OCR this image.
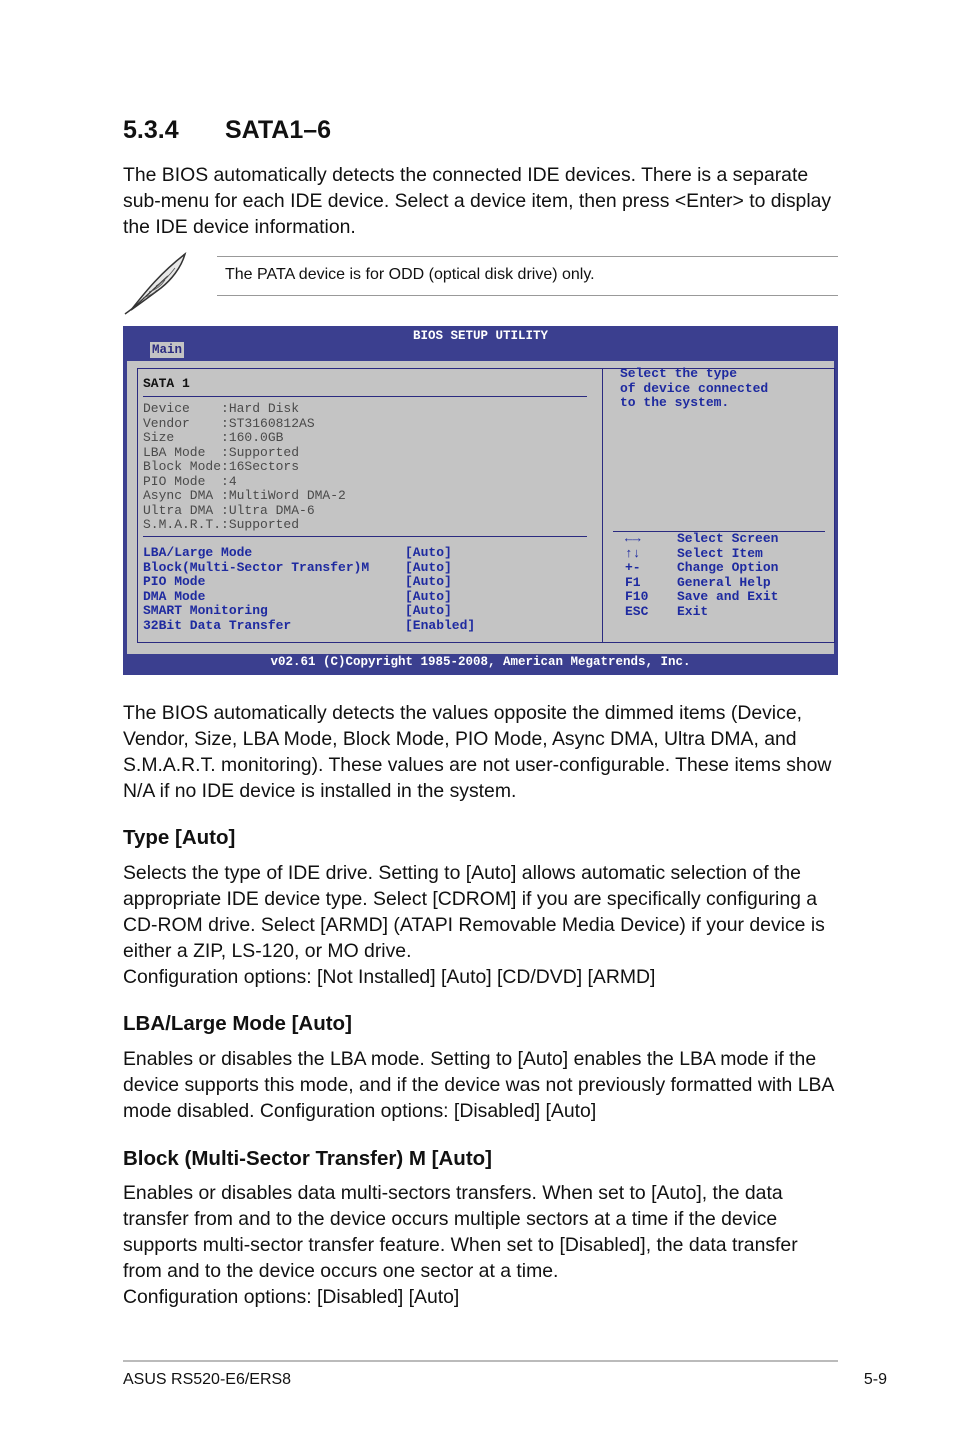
5.3.4 SATA1–6

The BIOS automatically detects the connected IDE devices. There is a separate sub-menu for each IDE device. Select a device item, then press <Enter> to display the IDE device information.

The PATA device is for ODD (optical disk drive) only.
BIOS SETUP UTILITY
Main
SATA 1
Device    :Hard Disk
Vendor    :ST3160812AS
Size      :160.0GB
LBA Mode  :Supported
Block Mode:16Sectors
PIO Mode  :4
Async DMA :MultiWord DMA-2
Ultra DMA :Ultra DMA-6
S.M.A.R.T.:Supported
LBA/Large Mode	[Auto]
Block(Multi-Sector Transfer)M	[Auto]
PIO Mode	[Auto]
DMA Mode	[Auto]
SMART Monitoring	[Auto]
32Bit Data Transfer	[Enabled]
Select the type
of device connected
to the system.
←→	Select Screen
↑↓	Select Item
+-	Change Option
F1	General Help
F10 Save and Exit
ESC Exit
v02.61 (C)Copyright 1985-2008, American Megatrends, Inc.

The BIOS automatically detects the values opposite the dimmed items (Device, Vendor, Size, LBA Mode, Block Mode, PIO Mode, Async DMA, Ultra DMA, and S.M.A.R.T. monitoring). These values are not user-configurable. These items show N/A if no IDE device is installed in the system.

Type [Auto]

Selects the type of IDE drive. Setting to [Auto] allows automatic selection of the appropriate IDE device type. Select [CDROM] if you are specifically configuring a CD-ROM drive. Select [ARMD] (ATAPI Removable Media Device) if your device is either a ZIP, LS-120, or MO drive.

Configuration options: [Not Installed] [Auto] [CD/DVD] [ARMD]

LBA/Large Mode [Auto]

Enables or disables the LBA mode. Setting to [Auto] enables the LBA mode if the device supports this mode, and if the device was not previously formatted with LBA mode disabled. Configuration options: [Disabled] [Auto]

Block (Multi-Sector Transfer) M [Auto]

Enables or disables data multi-sectors transfers. When set to [Auto], the data transfer from and to the device occurs multiple sectors at a time if the device supports multi-sector transfer feature. When set to [Disabled], the data transfer from and to the device occurs one sector at a time.

Configuration options: [Disabled] [Auto]

ASUS RS520-E6/ERS8	5-9
